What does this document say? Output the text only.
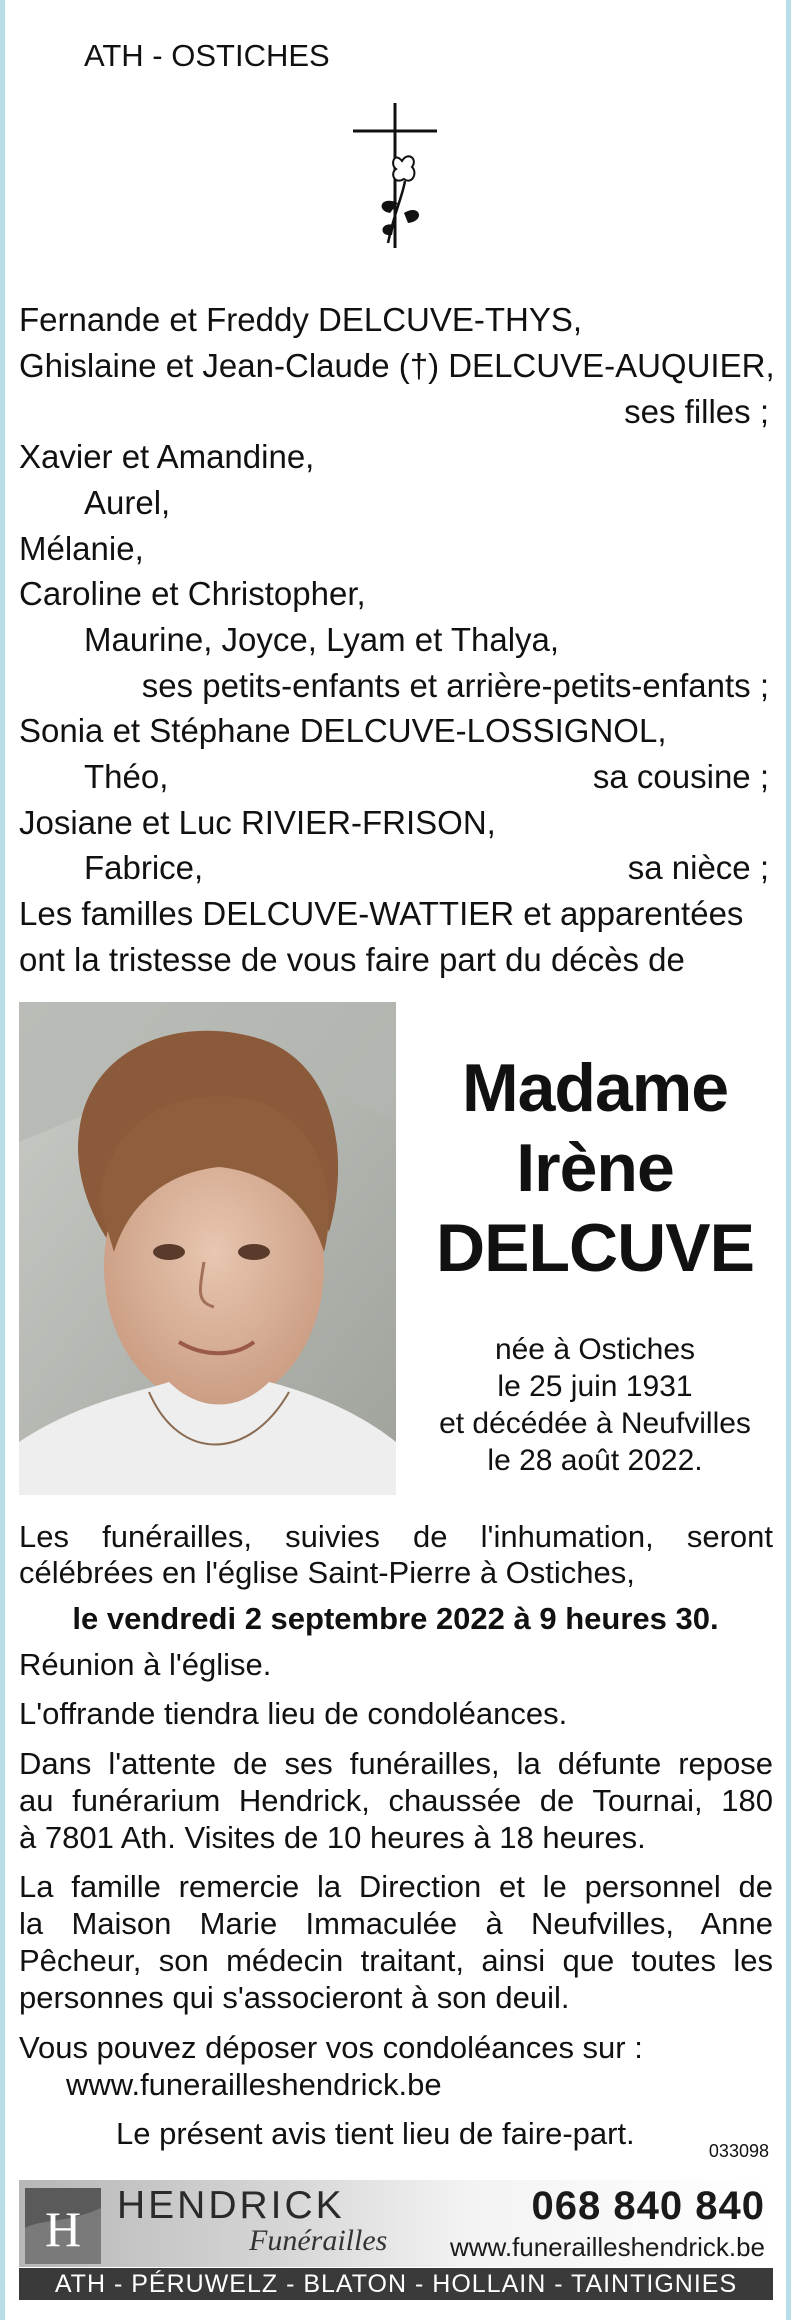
ATH - OSTICHES
Fernande et Freddy DELCUVE-THYS,
Ghislaine et Jean-Claude (†) DELCUVE-AUQUIER,
ses filles ;
Xavier et Amandine,
Aurel,
Mélanie,
Caroline et Christopher,
Maurine, Joyce, Lyam et Thalya,
ses petits-enfants et arrière-petits-enfants ;
Sonia et Stéphane DELCUVE-LOSSIGNOL,
Théo,	sa cousine ;
Josiane et Luc RIVIER-FRISON,
Fabrice,	sa nièce ;
Les familles DELCUVE-WATTIER et apparentées
ont la tristesse de vous faire part du décès de
Madame
Irène
DELCUVE
née à Ostiches
le 25 juin 1931
et décédée à Neufvilles
le 28 août 2022.
Les funérailles, suivies de l'inhumation, seront
célébrées en l'église Saint-Pierre à Ostiches,
le vendredi 2 septembre 2022 à 9 heures 30.
Réunion à l'église.
L'offrande tiendra lieu de condoléances.
Dans l'attente de ses funérailles, la défunte repose
au funérarium Hendrick, chaussée de Tournai, 180
à 7801 Ath. Visites de 10 heures à 18 heures.
La famille remercie la Direction et le personnel de
la Maison Marie Immaculée à Neufvilles, Anne
Pêcheur, son médecin traitant, ainsi que toutes les
personnes qui s'associeront à son deuil.
Vous pouvez déposer vos condoléances sur :
www.funerailleshendrick.be
Le présent avis tient lieu de faire-part.	033098
H HENDRICK
Funérailles
068 840 840
www.funerailleshendrick.be
ATH - PÉRUWELZ - BLATON - HOLLAIN - TAINTIGNIES
